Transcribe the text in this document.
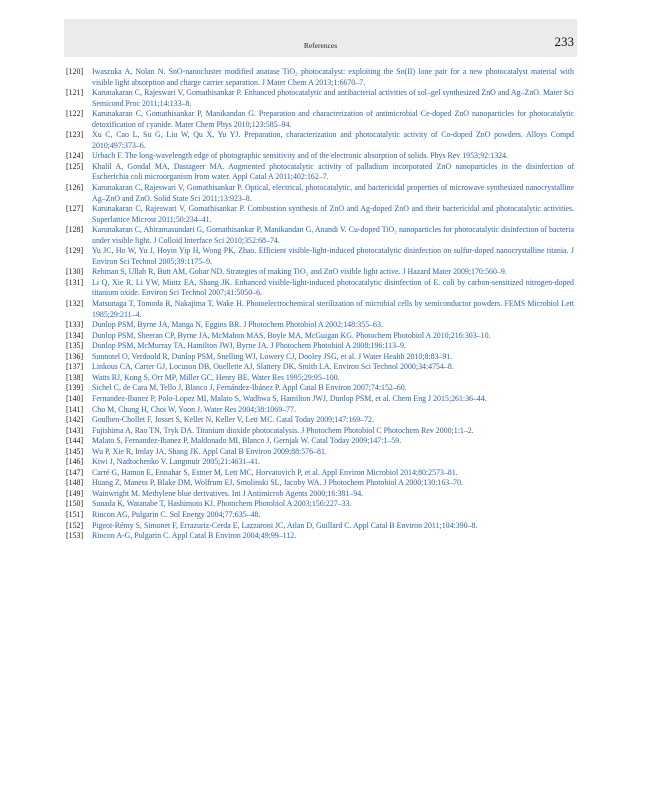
References	233
[120]	Iwaszuka A, Nolan N. SnO-nanocluster modified anatase TiO₂ photocatalyst: exploiting the Sn(II) lone pair for a new photocatalyst material with visible light absorption and charge carrier separation. J Mater Chem A 2013;1:6670–7.
[121]	Karunakaran C, Rajeswari V, Gomathisankar P. Enhanced photocatalytic and antibacterial activities of sol–gel synthesized ZnO and Ag–ZnO. Mater Sci Semicond Proc 2011;14:133–8.
[122]	Karunakaran C, Gomathisankar P, Manikandan G. Preparation and characterization of antimicrobial Ce-doped ZnO nanoparticles for photocatalytic detoxification of cyanide. Mater Chem Phys 2010;123:585–94.
[123]	Xu C, Cao L, Su G, Liu W, Qu X, Yu YJ. Preparation, characterization and photocatalytic activity of Co-doped ZnO powders. Alloys Compd 2010;497:373–6.
[124]	Urbach F. The long-wavelength edge of photographic sensitivity and of the electronic absorption of solids. Phys Rev 1953;92:1324.
[125]	Khalil A, Gondal MA, Dastageer MA. Augmented photocatalytic activity of palladium incorporated ZnO nanoparticles in the disinfection of Escherichia coli microorganism from water. Appl Catal A 2011;402:162–7.
[126]	Karunakaran C, Rajeswari V, Gomathisankar P. Optical, electrical, photocatalytic, and bactericidal properties of microwave synthesized nanocrystalline Ag–ZnO and ZnO. Solid State Sci 2011;13:923–8.
[127]	Karunakaran C, Rajeswari V, Gomathisankar P. Combustion synthesis of ZnO and Ag-doped ZnO and their bactericidal and photocatalytic activities. Superlattice Microst 2011;50:234–41.
[128]	Karunakaran C, Abiramasundari G, Gomathisankar P, Manikandan G, Anandi V. Cu-doped TiO₂ nanoparticles for photocatalytic disinfection of bacteria under visible light. J Colloid Interface Sci 2010;352:68–74.
[129]	Yu JC, Ho W, Yu J, Hoyin Yip H, Wong PK, Zhao. Efficient visible-light-induced photocatalytic disinfection on sulfur-doped nanocrystalline titania. J Environ Sci Technol 2005;39:1175–9.
[130]	Rehman S, Ullah R, Butt AM, Gohar ND. Strategies of making TiO₂ and ZnO visible light active. J Hazard Mater 2009;170:560–9.
[131]	Li Q, Xie R, Li YW, Mintz EA, Shang JK. Enhanced visible-light-induced photocatalytic disinfection of E. coli by carbon-sensitized nitrogen-doped titanium oxide. Environ Sci Technol 2007;41:5050–6.
[132]	Matsunaga T, Tomoda R, Nakajima T, Wake H. Photoelectrochemical sterilization of microbial cells by semiconductor powders. FEMS Microbiol Lett 1985;29:211–4.
[133]	Dunlop PSM, Byrne JA, Manga N, Eggins BR. J Photochem Photobiol A 2002;148:355–63.
[134]	Dunlop PSM, Sheeran CP, Byrne JA, McMahon MAS, Boyle MA, McGuigan KG. Photochem Photobiol A 2010;216:303–10.
[135]	Dunlop PSM, McMurray TA, Hamilton JWJ, Byrne JA. J Photochem Photobiol A 2008;196:113–9.
[136]	Sunnotel O, Verdoold R, Dunlop PSM, Snelling WJ, Lowery CJ, Dooley JSG, et al. J Water Health 2010;8:83–91.
[137]	Linkous CA, Carter GJ, Locuson DB, Ouellette AJ, Slattery DK, Smith LA. Environ Sci Technol 2000;34:4754–8.
[138]	Watts RJ, Kong S, Orr MP, Miller GC, Henry BE. Water Res 1995;29:95–100.
[139]	Sichel C, de Cara M, Tello J, Blanco J, Fernández-Ibánez P. Appl Catal B Environ 2007;74:152–60.
[140]	Fernandez-Ibanez P, Polo-Lopez MI, Malato S, Wadhwa S, Hamilton JWJ, Dunlop PSM, et al. Chem Eng J 2015;261:36–44.
[141]	Cho M, Chung H, Choi W, Yoon J. Water Res 2004;38:1069–77.
[142]	Goulhen-Chollet F, Josset S, Keller N, Keller V, Lett MC. Catal Today 2009;147:169–72.
[143]	Fujishima A, Rao TN, Tryk DA. Titanium dioxide photocatalysis. J Photochem Photobiol C Photochem Rev 2000;1:1–2.
[144]	Malato S, Fernandez-Ibanez P, Maldonado MI, Blanco J, Gernjak W. Catal Today 2009;147:1–59.
[145]	Wu P, Xie R, Imlay JA, Shang JK. Appl Catal B Environ 2009;88:576–81.
[146]	Kiwi J, Nadtochenko V. Langmuir 2005;21:4631–41.
[147]	Carré G, Hamon E, Ennahar S, Estner M, Lett MC, Horvatovich P, et al. Appl Environ Microbiol 2014;80:2573–81.
[148]	Huang Z, Maness P, Blake DM, Wolfrum EJ, Smolinski SL, Jacoby WA. J Photochem Photobiol A 2000;130:163–70.
[149]	Wainwright M. Methylene blue derivatives. Int J Antimicrob Agents 2000;16:381–94.
[150]	Sunada K, Watanabe T, Hashimoto KJ. Photochem Photobiol A 2003;156:227–33.
[151]	Rincon AG, Pulgarin C. Sol Energy 2004;77:635–48.
[152]	Pigeot-Rémy S, Simonet F, Errazuriz-Cerda E, Lazzaroni JC, Atlan D, Guillard C. Appl Catal B Environ 2011;104:390–8.
[153]	Rincon A-G, Pulgarin C. Appl Catal B Environ 2004;49:99–112.
